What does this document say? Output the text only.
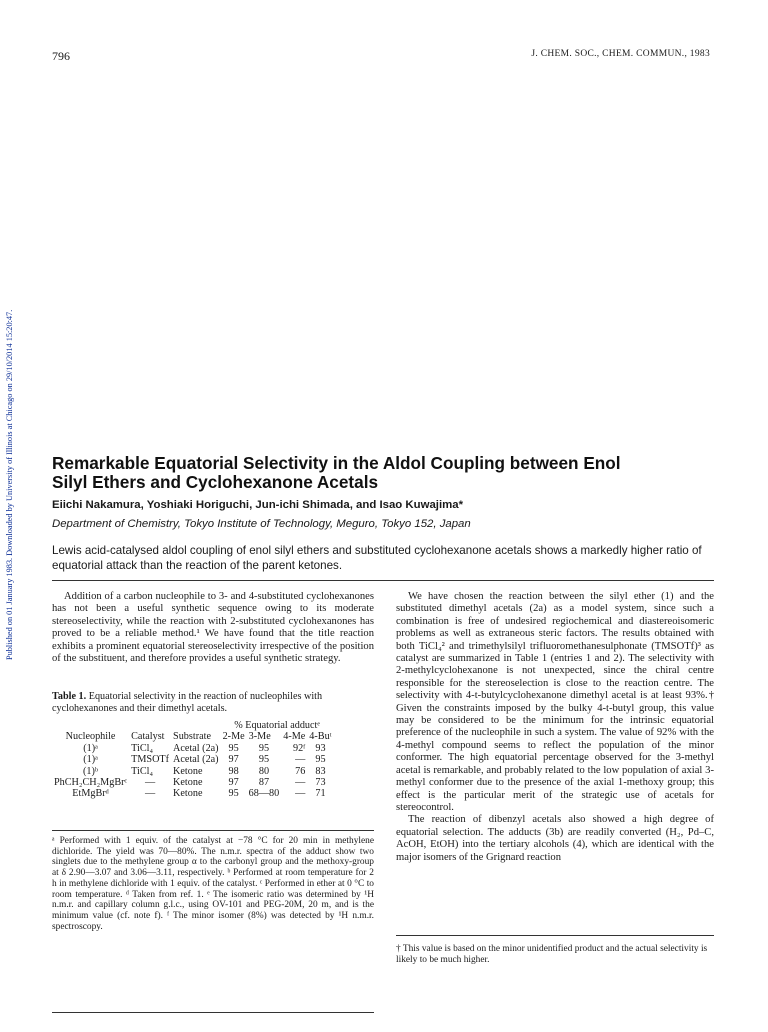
796	J. CHEM. SOC., CHEM. COMMUN., 1983
Published on 01 January 1983. Downloaded by University of Illinois at Chicago on 29/10/2014 15:20:47. Remarkable Equatorial Selectivity in the Aldol Coupling between Enol
Silyl Ethers and Cyclohexanone Acetals
Eiichi Nakamura, Yoshiaki Horiguchi, Jun-ichi Shimada, and Isao Kuwajima*
Department of Chemistry, Tokyo Institute of Technology, Meguro, Tokyo 152, Japan
Lewis acid-catalysed aldol coupling of enol silyl ethers and substituted cyclohexanone acetals shows a markedly higher ratio of equatorial attack than the reaction of the parent ketones.

Addition of a carbon nucleophile to 3- and 4-substituted cyclohexanones has not been a useful synthetic sequence owing to its moderate stereoselectivity, while the reaction with 2-substituted cyclohexanones has proved to be a reliable method.¹ We have found that the title reaction exhibits a prominent equatorial stereoselectivity irrespective of the position of the substituent, and therefore provides a useful synthetic strategy.

Table 1. Equatorial selectivity in the reaction of nucleophiles with cyclohexanones and their dimethyl acetals.
			% Equatorial adductᵉ			
Nucleophile	Catalyst	Substrate	2-Me	3-Me	4-Me	4-Buᵗ
(1)ᵃ	TiCl₄	Acetal (2a)	95	95	92ᶠ	93
(1)ᵃ	TMSOTf	Acetal (2a)	97	95	—	95
(1)ᵇ	TiCl₄	Ketone	98	80	76	83
PhCH₂CH₂MgBrᶜ	—	Ketone	97	87	—	73
EtMgBrᵈ	—	Ketone	95	68—80	—	71
ᵃ Performed with 1 equiv. of the catalyst at −78 °C for 20 min in methylene dichloride. The yield was 70—80%. The n.m.r. spectra of the adduct show two singlets due to the methylene group α to the carbonyl group and the methoxy-group at δ 2.90—3.07 and 3.06—3.11, respectively. ᵇ Performed at room temperature for 2 h in methylene dichloride with 1 equiv. of the catalyst. ᶜ Performed in ether at 0 °C to room temperature. ᵈ Taken from ref. 1. ᵉ The isomeric ratio was determined by ¹H n.m.r. and capillary column g.l.c., using OV-101 and PEG-20M, 20 m, and is the minimum value (cf. note f). ᶠ The minor isomer (8%) was detected by ¹H n.m.r. spectroscopy.

We have chosen the reaction between the silyl ether (1) and the substituted dimethyl acetals (2a) as a model system, since such a combination is free of undesired regiochemical and diastereoisomeric problems as well as extraneous steric factors. The results obtained with both TiCl₄² and trimethylsilyl trifluoromethanesulphonate (TMSOTf)³ as catalyst are summarized in Table 1 (entries 1 and 2). The selectivity with 2-methylcyclohexanone is not unexpected, since the chiral centre responsible for the stereoselection is close to the reaction centre. The selectivity with 4-t-butylcyclohexanone dimethyl acetal is at least 93%.† Given the constraints imposed by the bulky 4-t-butyl group, this value may be considered to be the minimum for the intrinsic equatorial preference of the nucleophile in such a system. The value of 92% with the 4-methyl compound seems to reflect the population of the minor conformer. The high equatorial percentage observed for the 3-methyl acetal is remarkable, and probably related to the low population of axial 3-methyl conformer due to the presence of the axial 1-methoxy group; this effect is the particular merit of the strategic use of acetals for stereocontrol.

The reaction of dibenzyl acetals also showed a high degree of equatorial selection. The adducts (3b) are readily converted (H₂, Pd–C, AcOH, EtOH) into the tertiary alcohols (4), which are identical with the major isomers of the Grignard reaction

† This value is based on the minor unidentified product and the actual selectivity is likely to be much higher.
